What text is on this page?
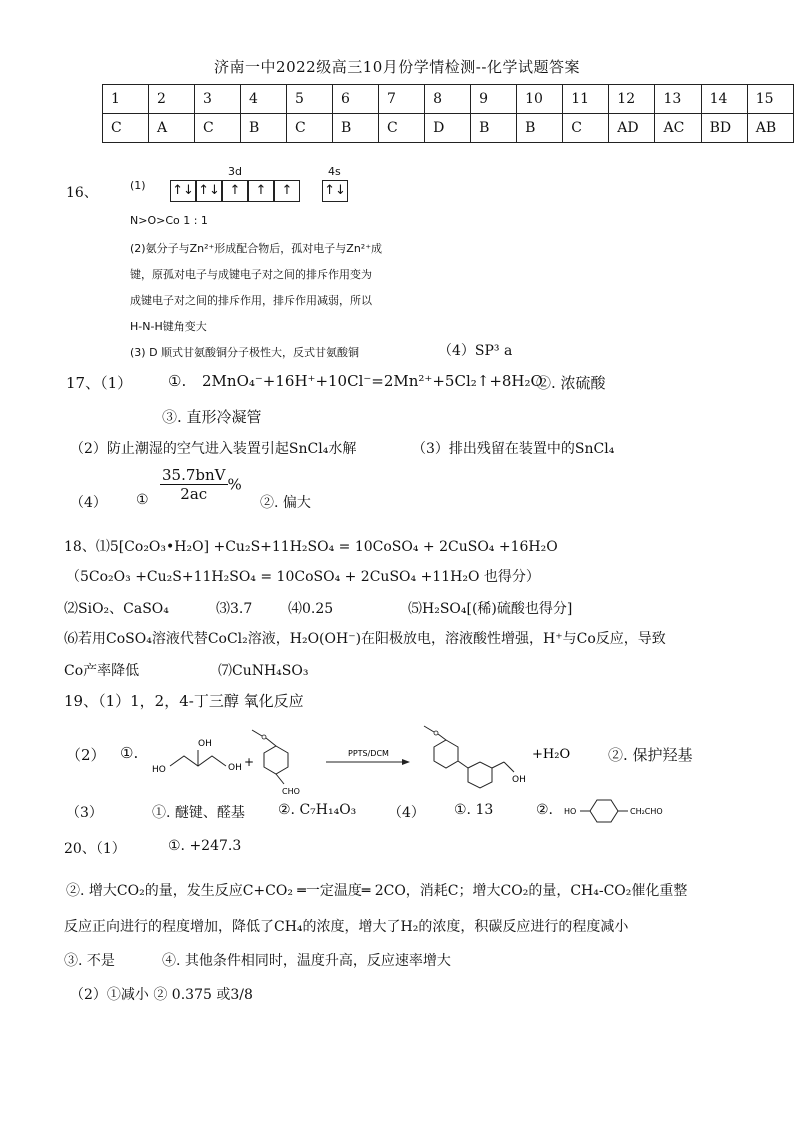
济南一中2022级高三10月份学情检测--化学试题答案
1	2	3	4	5	6	7	8	9	10	11	12	13	14	15
C	A	C	B	C	B	C	D	B	B	C	AD	AC	BD	AB
16、	(1)
3d	4s
↑↓ ↑↓ ↑	↑	↑	↑↓
N>O>Co 1 : 1
(2)氨分子与Zn²⁺形成配合物后，孤对电子与Zn²⁺成
键，原孤对电子与成键电子对之间的排斥作用变为
成键电子对之间的排斥作用，排斥作用减弱，所以
H-N-H键角变大
(3) D 顺式甘氨酸铜分子极性大，反式甘氨酸铜	（4）SP³ a
17、（1） ①. 2MnO₄⁻+16H⁺+10Cl⁻=2Mn²⁺+5Cl₂↑+8H₂O
②. 浓硫酸
③. 直形冷凝管
（2）防止潮湿的空气进入装置引起SnCl₄水解	（3）排出残留在装置中的SnCl₄
（4） ① $\frac{\text{35.7bnV}}{2ac}$ %
②. 偏大
18、⑴5[Co₂O₃•H₂O] +Cu₂S+11H₂SO₄ = 10CoSO₄ + 2CuSO₄ +16H₂O
（5Co₂O₃ +Cu₂S+11H₂SO₄ = 10CoSO₄ + 2CuSO₄ +11H₂O 也得分）
⑵SiO₂、CaSO₄	⑶3.7	⑷0.25	⑸H₂SO₄[(稀)硫酸也得分]
⑹若用CoSO₄溶液代替CoCl₂溶液，H₂O(OH⁻)在阳极放电，溶液酸性增强，H⁺与Co反应，导致
Co产率降低	⑺CuNH₄SO₃
19、（1）1，2，4-丁三醇 氧化反应
（2） ①.
HO
OH
OH +
CHO
PPTS/DCM
OH
+H₂O	②. 保护羟基
（3）	①. 醚键、醛基 ②. C₇H₁₄O₃ （4） ①. 13	②. HO	CH₂CHO
20、（1）	①. +247.3
②. 增大CO₂的量，发生反应C+CO₂ ═一定温度═ 2CO，消耗C；增大CO₂的量，CH₄-CO₂催化重整
反应正向进行的程度增加，降低了CH₄的浓度，增大了H₂的浓度，积碳反应进行的程度减小
③. 不是	④. 其他条件相同时，温度升高，反应速率增大
（2）①减小 ② 0.375 或3/8
